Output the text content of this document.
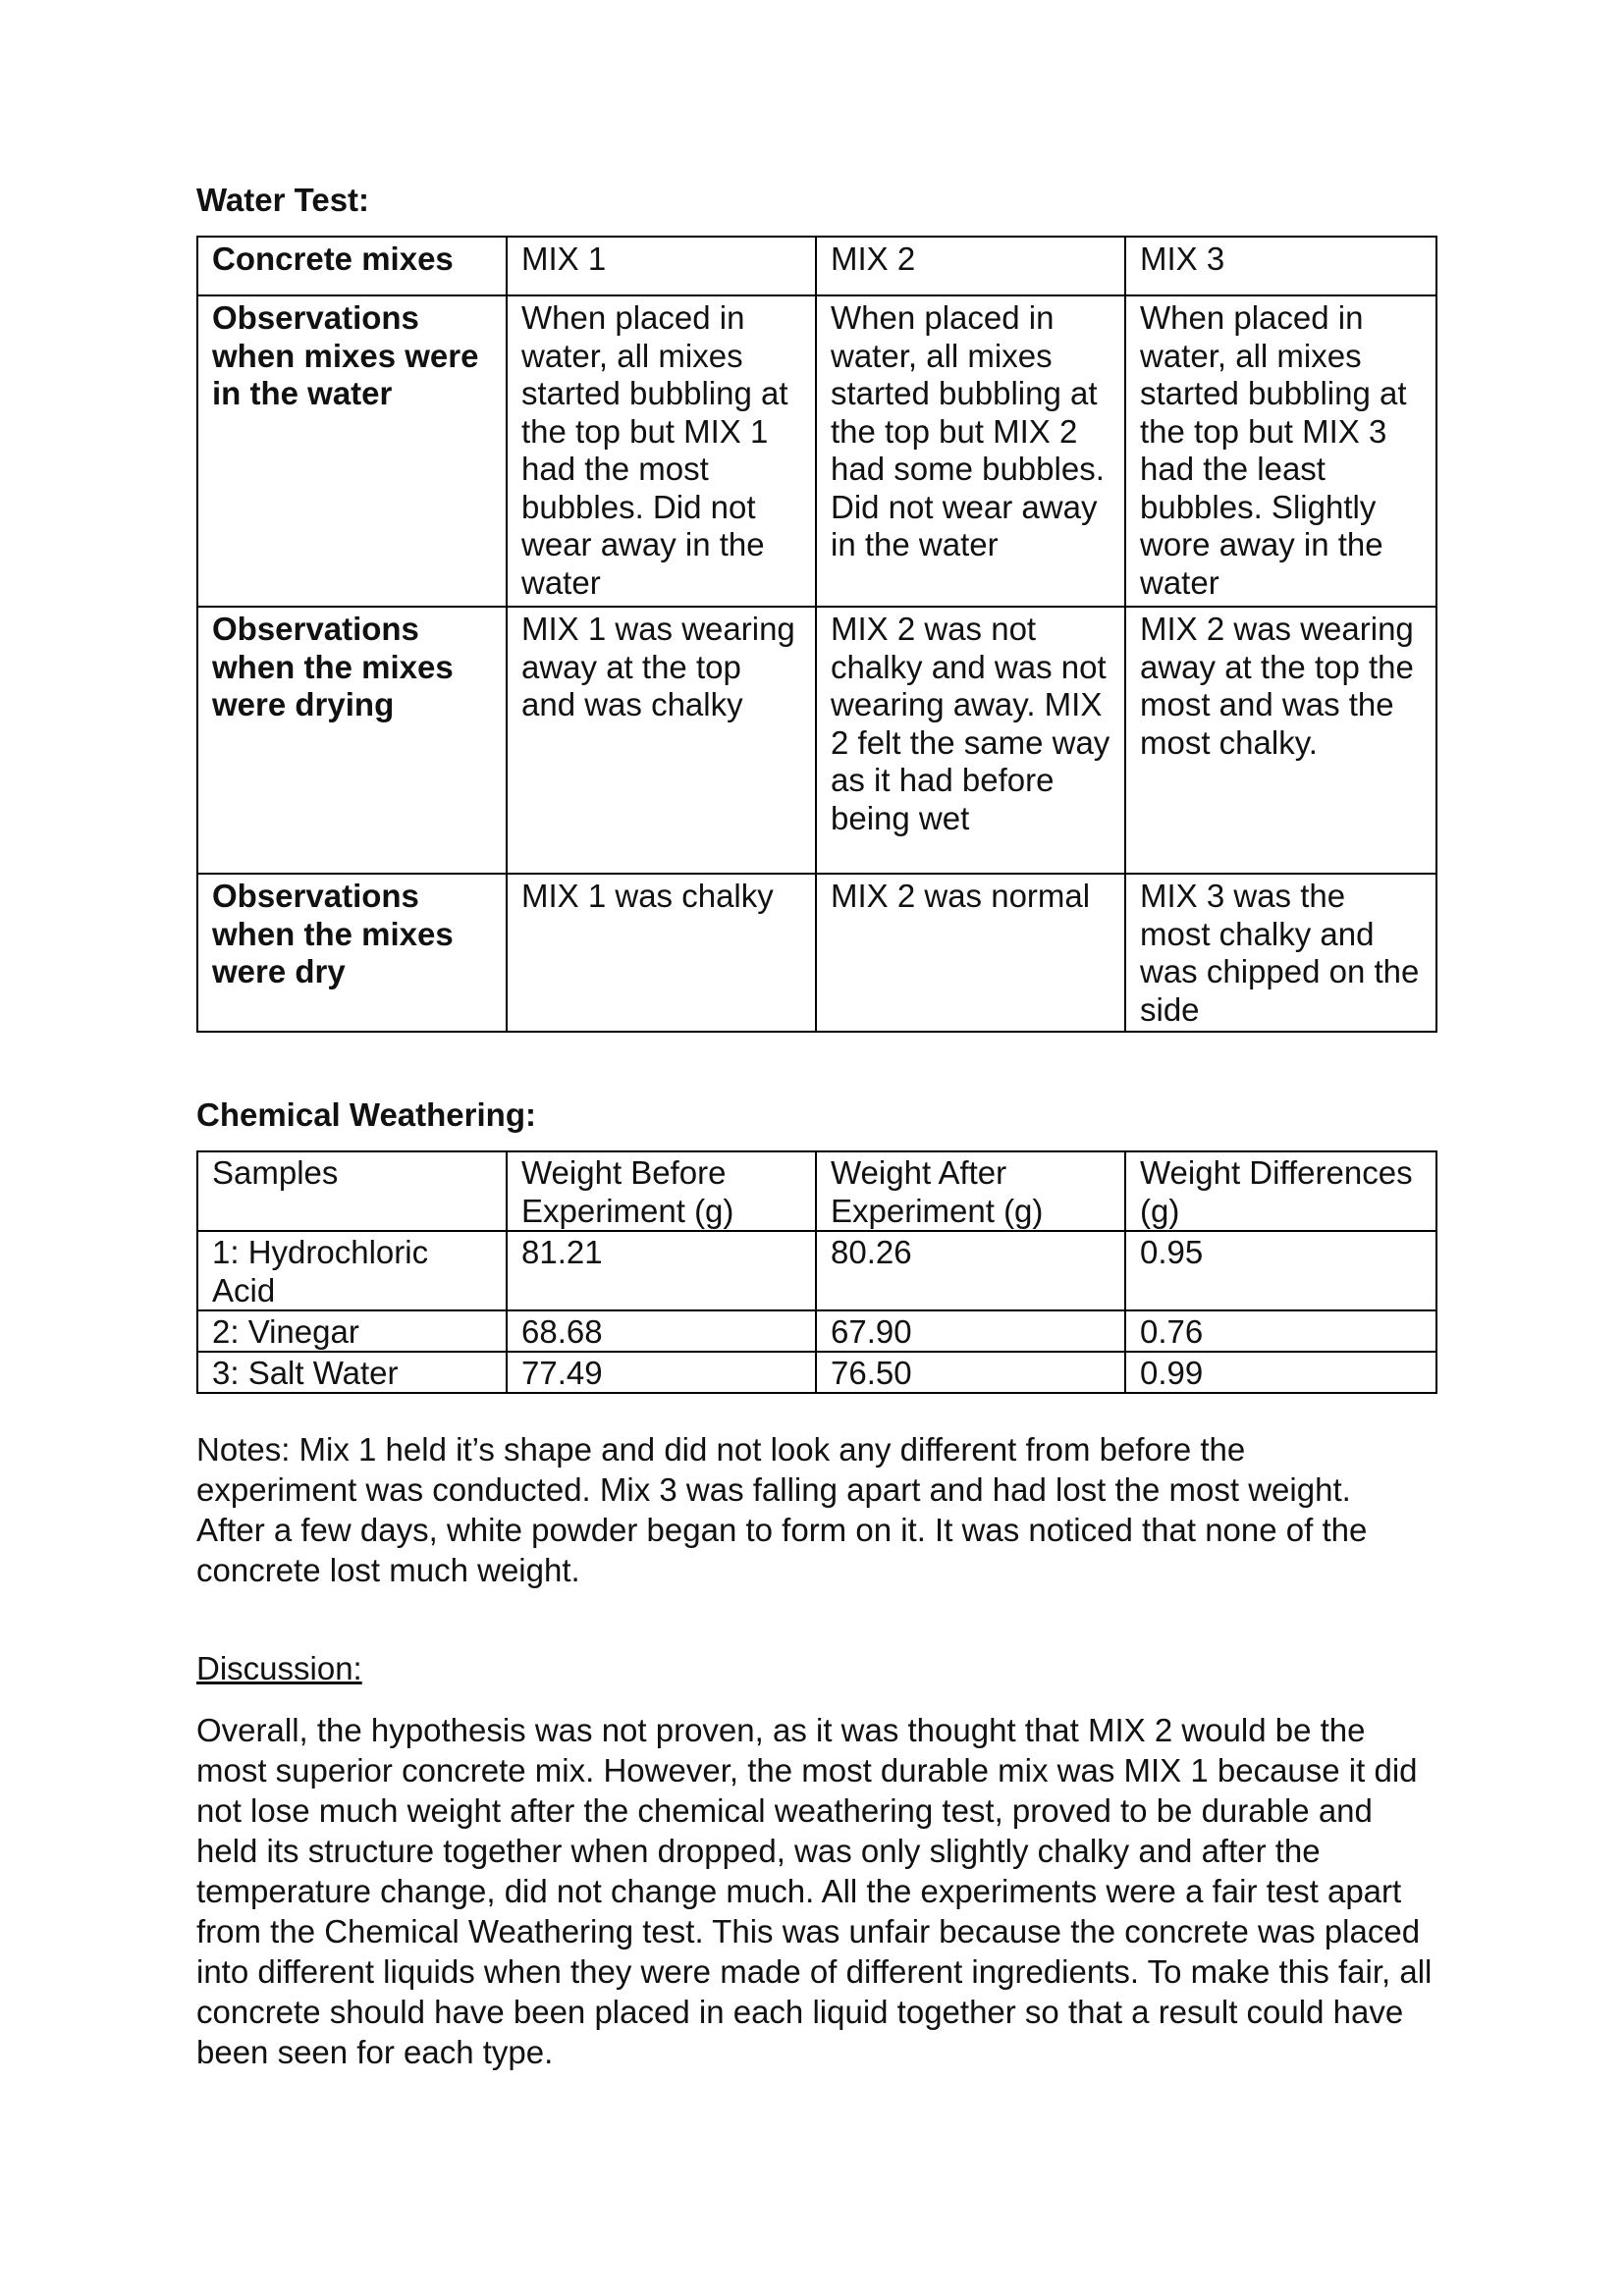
Water Test:
Concrete mixes	MIX 1	MIX 2	MIX 3
Observations when mixes were in the water	When placed in water, all mixes started bubbling at the top but MIX 1 had the most bubbles. Did not wear away in the water	When placed in water, all mixes started bubbling at the top but MIX 2 had some bubbles. Did not wear away in the water	When placed in water, all mixes started bubbling at the top but MIX 3 had the least bubbles. Slightly wore away in the water
Observations when the mixes were drying	MIX 1 was wearing away at the top and was chalky	MIX 2 was not chalky and was not wearing away. MIX 2 felt the same way as it had before being wet	MIX 2 was wearing away at the top the most and was the most chalky.
Observations when the mixes were dry	MIX 1 was chalky	MIX 2 was normal	MIX 3 was the most chalky and was chipped on the side
Chemical Weathering:
Samples	Weight Before Experiment (g)	Weight After Experiment (g)	Weight Differences (g)
1: Hydrochloric Acid	81.21	80.26	0.95
2: Vinegar	68.68	67.90	0.76
3: Salt Water	77.49	76.50	0.99

Notes: Mix 1 held it’s shape and did not look any different from before the experiment was conducted. Mix 3 was falling apart and had lost the most weight. After a few days, white powder began to form on it. It was noticed that none of the concrete lost much weight.

Discussion:

Overall, the hypothesis was not proven, as it was thought that MIX 2 would be the most superior concrete mix. However, the most durable mix was MIX 1 because it did not lose much weight after the chemical weathering test, proved to be durable and held its structure together when dropped, was only slightly chalky and after the temperature change, did not change much. All the experiments were a fair test apart from the Chemical Weathering test. This was unfair because the concrete was placed into different liquids when they were made of different ingredients. To make this fair, all concrete should have been placed in each liquid together so that a result could have been seen for each type.
